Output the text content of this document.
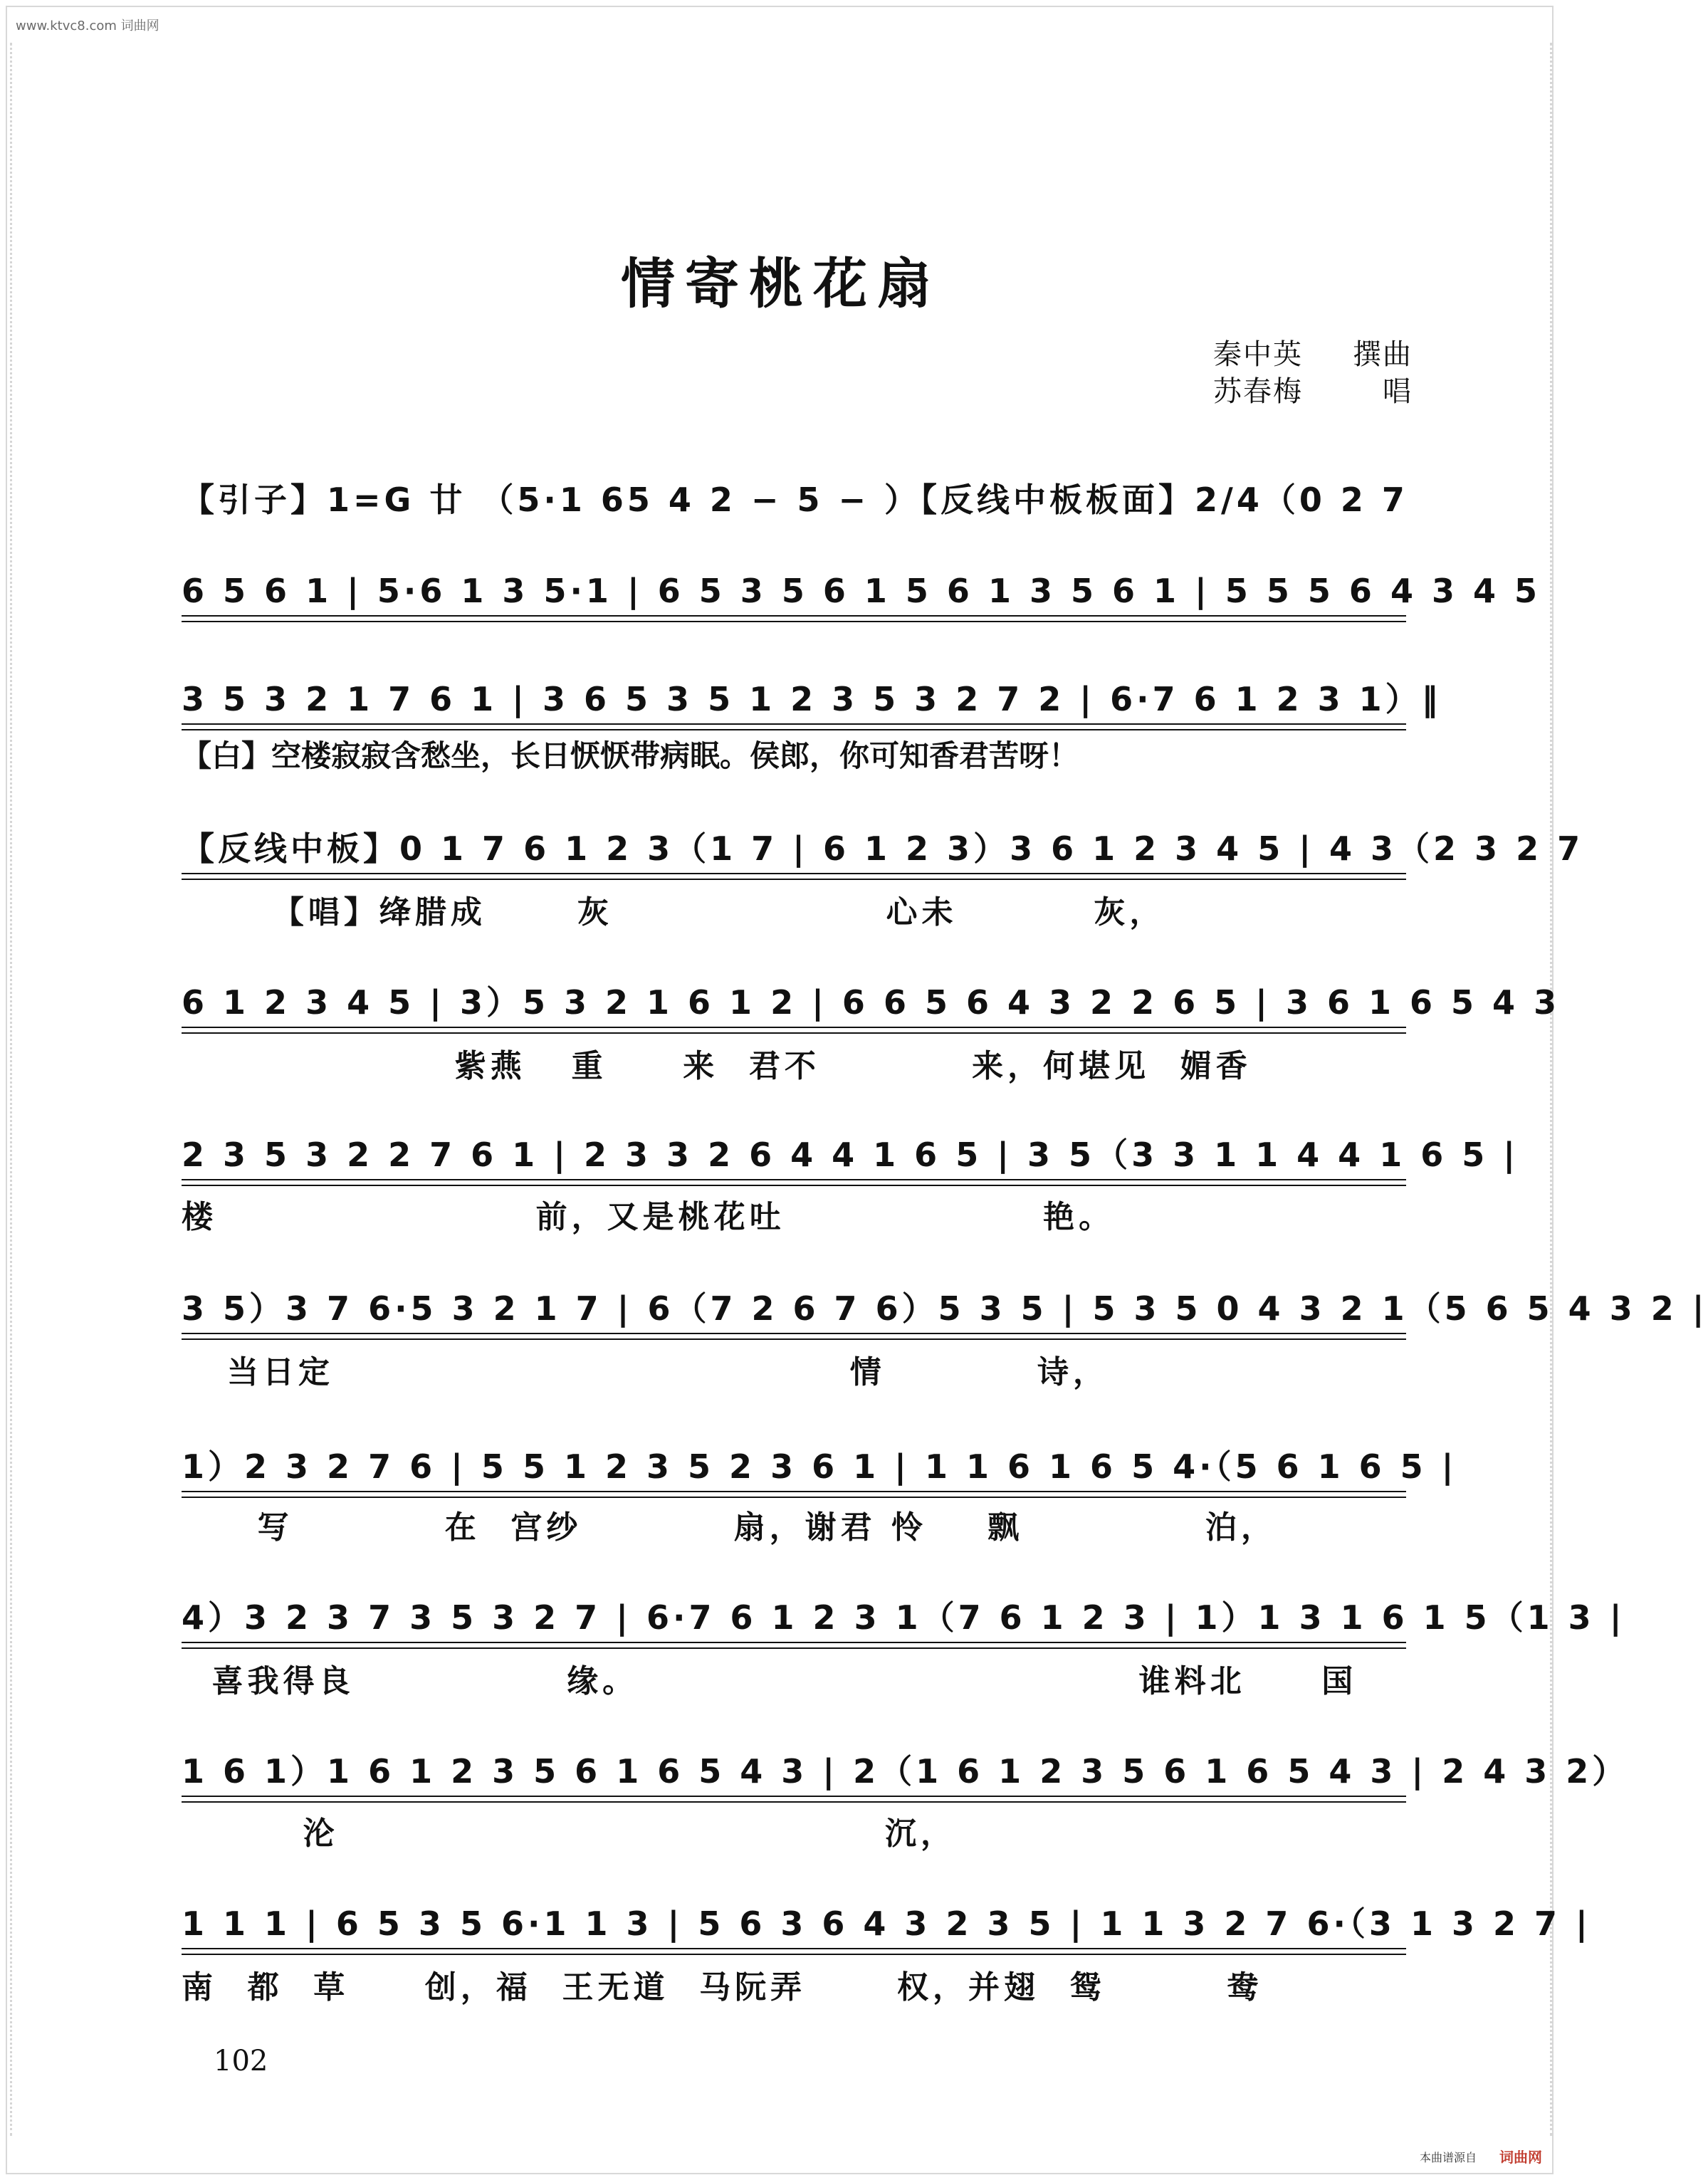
www.ktvc8.com 词曲网
情寄桃花扇
秦中英 撰曲
苏春梅	唱
【引子】1=G 廿 （5·1 65 4 2 − 5 − ）【反线中板板面】2/4（0 2 7
6 5 6 1 | 5·6 1 3 5·1 | 6 5 3 5 6 1 5 6 1 3 5 6 1 | 5 5 5 6 4 3 4 5
3 5 3 2 1 7 6 1 | 3 6 5 3 5 1 2 3 5 3 2 7 2 | 6·7 6 1 2 3 1）‖
【白】空楼寂寂含愁坐，长日恹恹带病眠。侯郎，你可知香君苦呀！
【反线中板】0 1 7 6 1 2 3（1 7 | 6 1 2 3）3 6 1 2 3 4 5 | 4 3（2 3 2 7
【唱】绛腊成      灰                  心未         灰，
6 1 2 3 4 5 | 3）5 3 2 1 6 1 2 | 6 6 5 6 4 3 2 2 6 5 | 3 6 1 6 5 4 3
紫燕   重     来  君不          来，何堪见  媚香
2 3 5 3 2 2 7 6 1 | 2 3 3 2 6 4 4 1 6 5 | 3 5（3 3 1 1 4 4 1 6 5 |
楼                     前，又是桃花吐                 艳。
3 5）3 7 6·5 3 2 1 7 | 6（7 2 6 7 6）5 3 5 | 5 3 5 0 4 3 2 1（5 6 5 4 3 2 |
当日定                                  情          诗，
1）2 3 2 7 6 | 5 5 1 2 3 5 2 3 6 1 | 1 1 6 1 6 5 4·（5 6 1 6 5 |
写          在  宫纱          扇，谢君 怜    飘            泊，
4）3 2 3 7 3 5 3 2 7 | 6·7 6 1 2 3 1（7 6 1 2 3 | 1）1 3 1 6 1 5（1 3 |
喜我得良              缘。                                 谁料北     国
1 6 1）1 6 1 2 3 5 6 1 6 5 4 3 | 2（1 6 1 2 3 5 6 1 6 5 4 3 | 2 4 3 2）
沦                                    沉，
1 1 1 | 6 5 3 5 6·1 1 3 | 5 6 3 6 4 3 2 3 5 | 1 1 3 2 7 6·（3 1 3 2 7 |
南  都  草     创，福  王无道  马阮弄      权，并翅  鸳        鸯
102
本曲谱源自 词曲网
